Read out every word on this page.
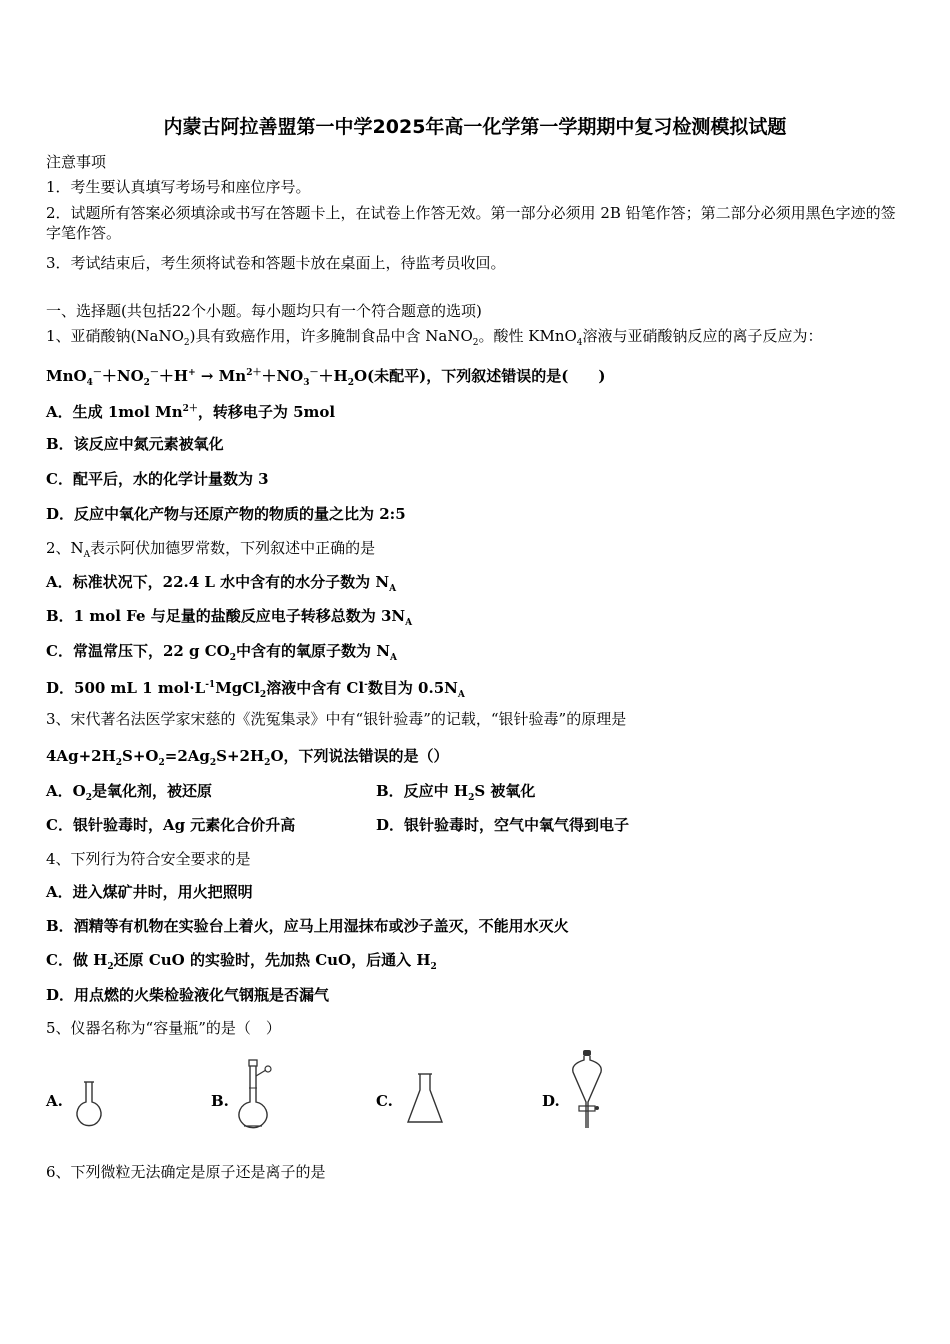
内蒙古阿拉善盟第一中学2025年高一化学第一学期期中复习检测模拟试题
注意事项
1．考生要认真填写考场号和座位序号。
2．试题所有答案必须填涂或书写在答题卡上，在试卷上作答无效。第一部分必须用 2B 铅笔作答；第二部分必须用黑色字迹的签字笔作答。
3．考试结束后，考生须将试卷和答题卡放在桌面上，待监考员收回。
一、选择题(共包括22个小题。每小题均只有一个符合题意的选项)
1、亚硝酸钠(NaNO$_2$)具有致癌作用，许多腌制食品中含 NaNO$_2$。酸性 KMnO$_4$溶液与亚硝酸钠反应的离子反应为：
$MnO_4^-+NO_2^-+H^+ \to Mn^{2+}+NO_3^-+H_2O$(未配平)，下列叙述错误的是(　　)
A．生成 1mol $Mn^{2+}$，转移电子为 5mol
B．该反应中氮元素被氧化
C．配平后，水的化学计量数为 3
D．反应中氧化产物与还原产物的物质的量之比为 2:5
2、$N_A$表示阿伏加德罗常数，下列叙述中正确的是
A．标准状况下，22.4 L 水中含有的水分子数为 $N_A$
B．1 mol Fe 与足量的盐酸反应电子转移总数为 $3N_A$
C．常温常压下，22 g $CO_2$中含有的氧原子数为 $N_A$
D．500 mL 1 $mol\cdot L^{-1}MgCl_2$溶液中含有 Cl-数目为 $0.5N_A$
3、宋代著名法医学家宋慈的《洗冤集录》中有“银针验毒”的记载，“银针验毒”的原理是
$4Ag+2H_2S+O_2=2Ag_2S+2H_2O$，下列说法错误的是（）
A．$O_2$是氧化剂，被还原	B．反应中 $H_2S$ 被氧化
C．银针验毒时，Ag 元素化合价升高	D．银针验毒时，空气中氧气得到电子
4、下列行为符合安全要求的是
A．进入煤矿井时，用火把照明
B．酒精等有机物在实验台上着火，应马上用湿抹布或沙子盖灭，不能用水灭火
C．做 $H_2$还原 CuO 的实验时，先加热 CuO，后通入 $H_2$
D．用点燃的火柴检验液化气钢瓶是否漏气
5、仪器名称为“容量瓶”的是（　）
A.	B.	C.	D.
6、下列微粒无法确定是原子还是离子的是
